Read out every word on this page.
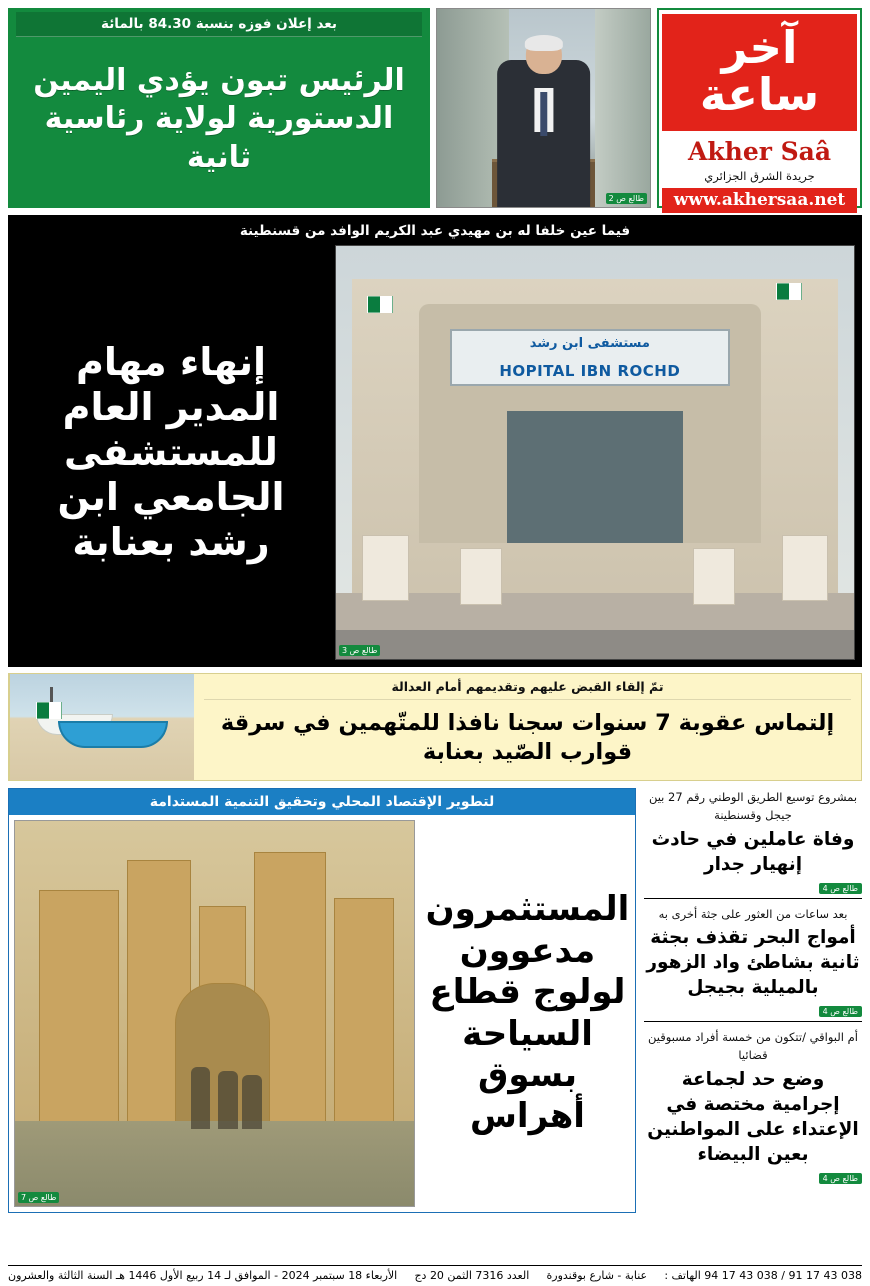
آخر ساعة
Akher Saâ
جريدة الشرق الجزائري
www.akhersaa.net
طالع ص 2
بعد إعلان فوزه بنسبة 84.30 بالمائة
الرئيس تبون يؤدي اليمين الدستورية لولاية رئاسية ثانية
فيما عين خلفا له بن مهيدي عبد الكريم الوافد من قسنطينة
مستشفى ابن رشد
HOPITAL IBN ROCHD
طالع ص 3
إنهاء مهام المدير العام للمستشفى الجامعي ابن رشد بعنابة
تمّ إلقاء القبض عليهم وتقديمهم أمام العدالة
إلتماس عقوبة 7 سنوات سجنا نافذا للمتّهمين في سرقة قوارب الصّيد بعنابة
بمشروع توسيع الطريق الوطني رقم 27 بين جيجل وقسنطينة
وفاة عاملين في حادث إنهيار جدار
طالع ص 4
بعد ساعات من العثور على جثة أخرى به
أمواج البحر تقذف بجثة ثانية بشاطئ واد الزهور بالميلية بجيجل
طالع ص 4
أم البواقي /تتكون من خمسة أفراد مسبوقين قضائيا
وضع حد لجماعة إجرامية مختصة في الإعتداء على المواطنين بعين البيضاء
طالع ص 4
لتطوير الإقتصاد المحلي وتحقيق التنمية المستدامة
المستثمرون مدعوون لولوج قطاع السياحة بسوق أهراس
طالع ص 7
038 43 17 91 / 038 43 17 94 الهاتف :
عنابة - شارع بوقندورة
العدد 7316 الثمن 20 دج
الأربعاء 18 سبتمبر 2024 - الموافق لـ 14 ربيع الأول 1446 هـ السنة الثالثة والعشرون
